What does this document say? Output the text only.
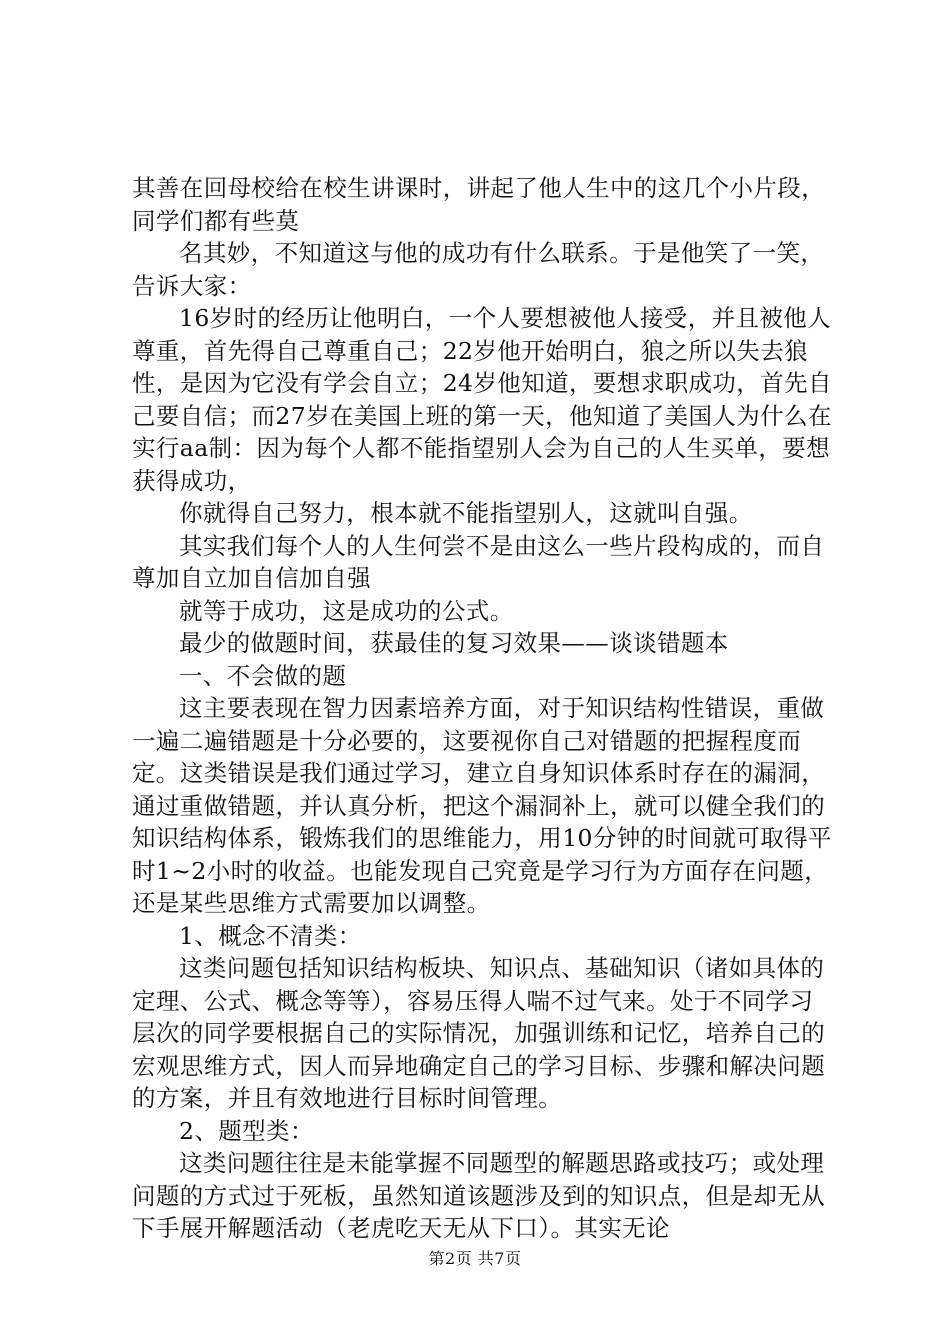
其善在回母校给在校生讲课时，讲起了他人生中的这几个小片段，同学们都有些莫

名其妙，不知道这与他的成功有什么联系。于是他笑了一笑，告诉大家：

16岁时的经历让他明白，一个人要想被他人接受，并且被他人尊重，首先得自己尊重自己；22岁他开始明白，狼之所以失去狼性，是因为它没有学会自立；24岁他知道，要想求职成功，首先自己要自信；而27岁在美国上班的第一天，他知道了美国人为什么在实行aa制：因为每个人都不能指望别人会为自己的人生买单，要想获得成功，

你就得自己努力，根本就不能指望别人，这就叫自强。

其实我们每个人的人生何尝不是由这么一些片段构成的，而自尊加自立加自信加自强

就等于成功，这是成功的公式。

最少的做题时间，获最佳的复习效果——谈谈错题本

一、不会做的题

这主要表现在智力因素培养方面，对于知识结构性错误，重做一遍二遍错题是十分必要的，这要视你自己对错题的把握程度而定。这类错误是我们通过学习，建立自身知识体系时存在的漏洞，通过重做错题，并认真分析，把这个漏洞补上，就可以健全我们的知识结构体系，锻炼我们的思维能力，用10分钟的时间就可取得平时1~2小时的收益。也能发现自己究竟是学习行为方面存在问题，还是某些思维方式需要加以调整。

1、概念不清类：

这类问题包括知识结构板块、知识点、基础知识（诸如具体的定理、公式、概念等等），容易压得人喘不过气来。处于不同学习层次的同学要根据自己的实际情况，加强训练和记忆，培养自己的宏观思维方式，因人而异地确定自己的学习目标、步骤和解决问题的方案，并且有效地进行目标时间管理。

2、题型类：

这类问题往往是未能掌握不同题型的解题思路或技巧；或处理问题的方式过于死板，虽然知道该题涉及到的知识点，但是却无从下手展开解题活动（老虎吃天无从下口）。其实无论

第2页 共7页
